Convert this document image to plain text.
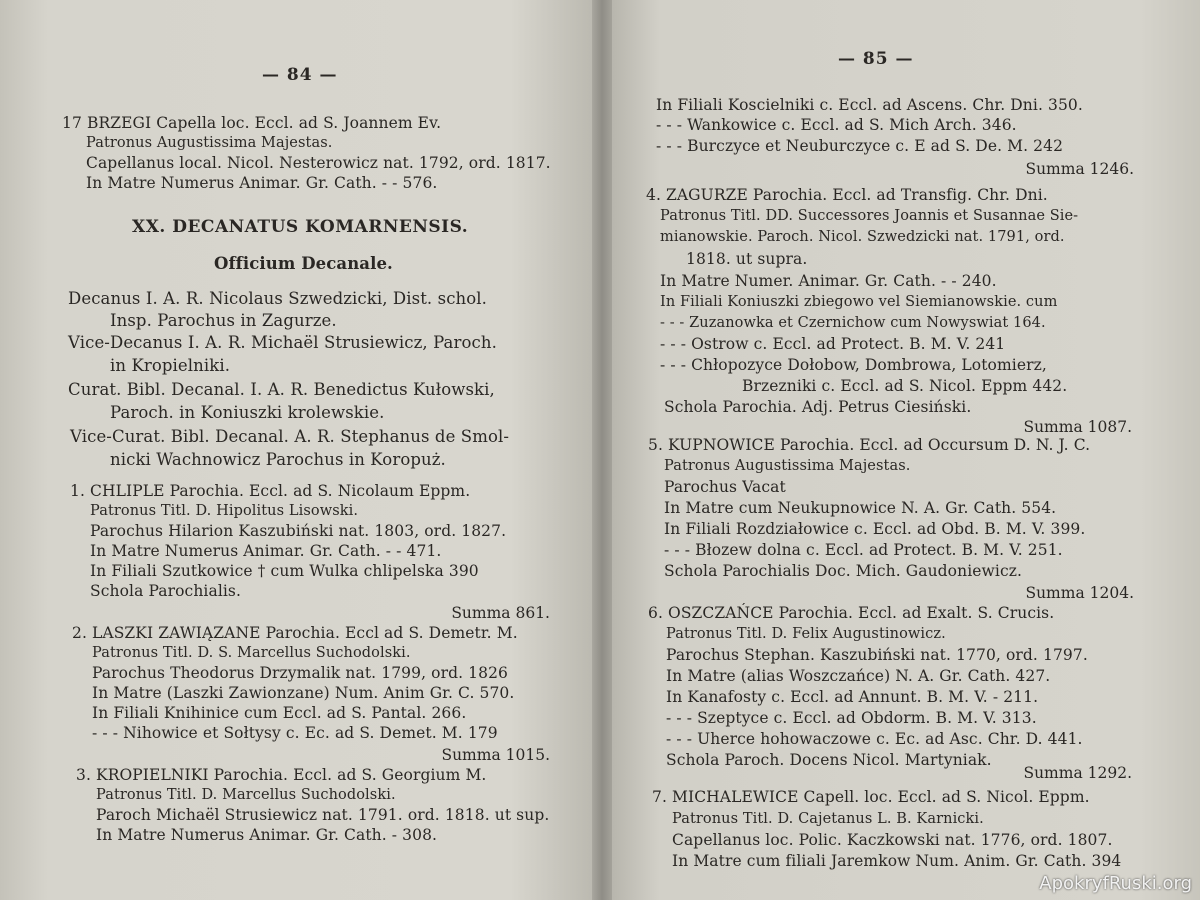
— 84 —
17 BRZEGI Capella loc. Eccl. ad S. Joannem Ev.
Patronus Augustissima Majestas.
Capellanus local. Nicol. Nesterowicz nat. 1792, ord. 1817.
In Matre Numerus Animar. Gr. Cath. - - 576.
XX. DECANATUS KOMARNENSIS.
Officium Decanale.
Decanus I. A. R. Nicolaus Szwedzicki, Dist. schol.
Insp. Parochus in Zagurze.
Vice-Decanus I. A. R. Michaël Strusiewicz, Paroch.
in Kropielniki.
Curat. Bibl. Decanal. I. A. R. Benedictus Kułowski,
Paroch. in Koniuszki krolewskie.
Vice-Curat. Bibl. Decanal. A. R. Stephanus de Smol-
nicki Wachnowicz Parochus in Koropuż.
1. CHLIPLE Parochia. Eccl. ad S. Nicolaum Eppm.
Patronus Titl. D. Hipolitus Lisowski.
Parochus Hilarion Kaszubiński nat. 1803, ord. 1827.
In Matre Numerus Animar. Gr. Cath. - - 471.
In Filiali Szutkowice † cum Wulka chlipelska 390
Schola Parochialis.
Summa 861.
2. LASZKI ZAWIĄZANE Parochia. Eccl ad S. Demetr. M.
Patronus Titl. D. S. Marcellus Suchodolski.
Parochus Theodorus Drzymalik nat. 1799, ord. 1826
In Matre (Laszki Zawionzane) Num. Anim Gr. C. 570.
In Filiali Knihinice cum Eccl. ad S. Pantal. 266.
- - - Nihowice et Sołtysy c. Ec. ad S. Demet. M. 179
Summa 1015.
3. KROPIELNIKI Parochia. Eccl. ad S. Georgium M.
Patronus Titl. D. Marcellus Suchodolski.
Paroch Michaël Strusiewicz nat. 1791. ord. 1818. ut sup.
In Matre Numerus Animar. Gr. Cath. - 308.
— 85 —
In Filiali Koscielniki c. Eccl. ad Ascens. Chr. Dni. 350.
- - - Wankowice c. Eccl. ad S. Mich Arch. 346.
- - - Burczyce et Neuburczyce c. E ad S. De. M. 242
Summa 1246.
4. ZAGURZE Parochia. Eccl. ad Transfig. Chr. Dni.
Patronus Titl. DD. Successores Joannis et Susannae Sie-
mianowskie. Paroch. Nicol. Szwedzicki nat. 1791, ord.
1818. ut supra.
In Matre Numer. Animar. Gr. Cath. - - 240.
In Filiali Koniuszki zbiegowo vel Siemianowskie. cum
- - - Zuzanowka et Czernichow cum Nowyswiat 164.
- - - Ostrow c. Eccl. ad Protect. B. M. V. 241
- - - Chłopozyce Dołobow, Dombrowa, Lotomierz,
Brzezniki c. Eccl. ad S. Nicol. Eppm 442.
Schola Parochia. Adj. Petrus Ciesiński.
Summa 1087.
5. KUPNOWICE Parochia. Eccl. ad Occursum D. N. J. C.
Patronus Augustissima Majestas.
Parochus Vacat
In Matre cum Neukupnowice N. A. Gr. Cath. 554.
In Filiali Rozdziałowice c. Eccl. ad Obd. B. M. V. 399.
- - - Błozew dolna c. Eccl. ad Protect. B. M. V. 251.
Schola Parochialis Doc. Mich. Gaudoniewicz.
Summa 1204.
6. OSZCZAŃCE Parochia. Eccl. ad Exalt. S. Crucis.
Patronus Titl. D. Felix Augustinowicz.
Parochus Stephan. Kaszubiński nat. 1770, ord. 1797.
In Matre (alias Woszczańce) N. A. Gr. Cath. 427.
In Kanafosty c. Eccl. ad Annunt. B. M. V. - 211.
- - - Szeptyce c. Eccl. ad Obdorm. B. M. V. 313.
- - - Uherce hohowaczowe c. Ec. ad Asc. Chr. D. 441.
Schola Paroch. Docens Nicol. Martyniak.
Summa 1292.
7. MICHALEWICE Capell. loc. Eccl. ad S. Nicol. Eppm.
Patronus Titl. D. Cajetanus L. B. Karnicki.
Capellanus loc. Polic. Kaczkowski nat. 1776, ord. 1807.
In Matre cum filiali Jaremkow Num. Anim. Gr. Cath. 394
ApokryfRuski.org
